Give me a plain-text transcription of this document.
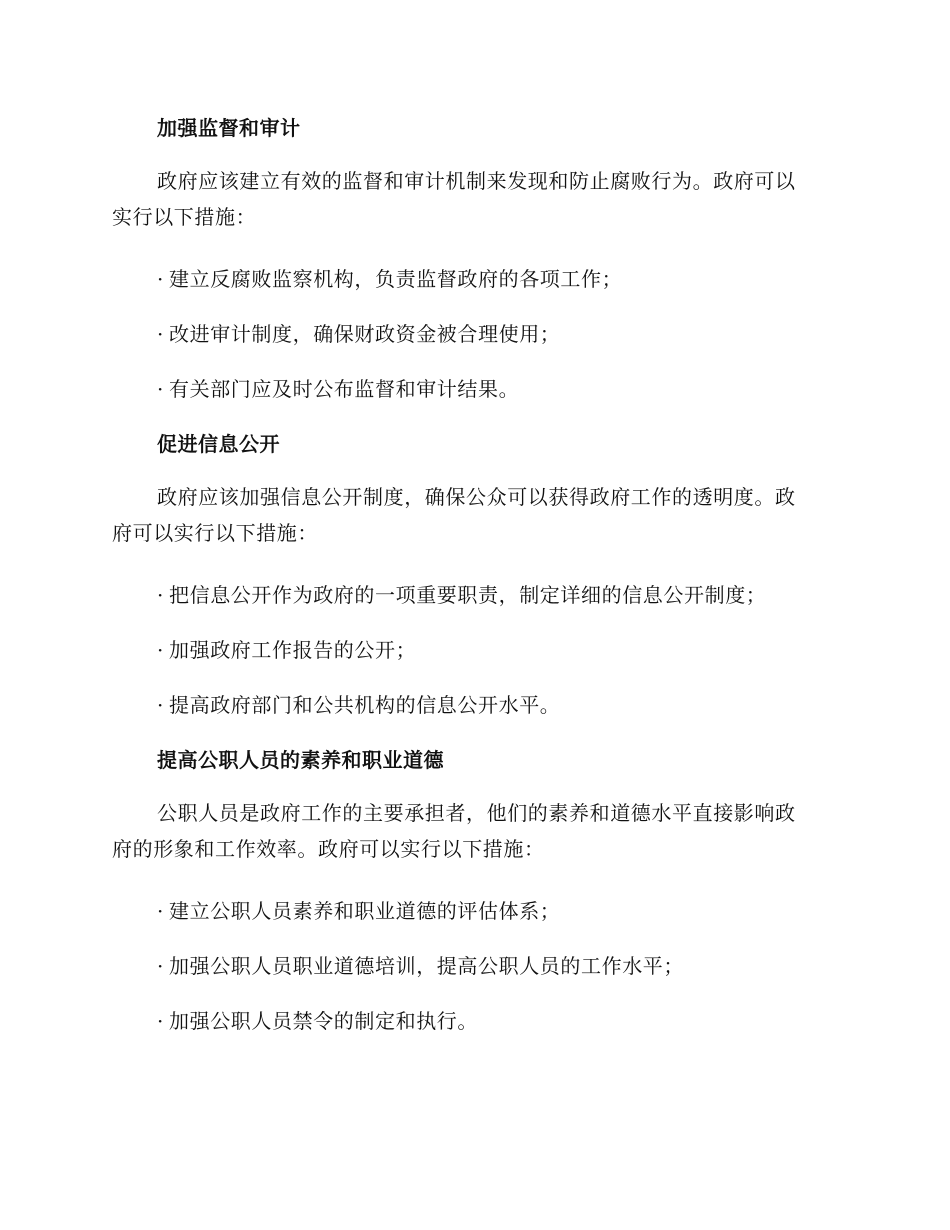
加强监督和审计
政府应该建立有效的监督和审计机制来发现和防止腐败行为。政府可以
实行以下措施：
· 建立反腐败监察机构，负责监督政府的各项工作；
· 改进审计制度，确保财政资金被合理使用；
· 有关部门应及时公布监督和审计结果。
促进信息公开
政府应该加强信息公开制度，确保公众可以获得政府工作的透明度。政
府可以实行以下措施：
· 把信息公开作为政府的一项重要职责，制定详细的信息公开制度；
· 加强政府工作报告的公开；
· 提高政府部门和公共机构的信息公开水平。
提高公职人员的素养和职业道德
公职人员是政府工作的主要承担者，他们的素养和道德水平直接影响政
府的形象和工作效率。政府可以实行以下措施：
· 建立公职人员素养和职业道德的评估体系；
· 加强公职人员职业道德培训，提高公职人员的工作水平；
· 加强公职人员禁令的制定和执行。
